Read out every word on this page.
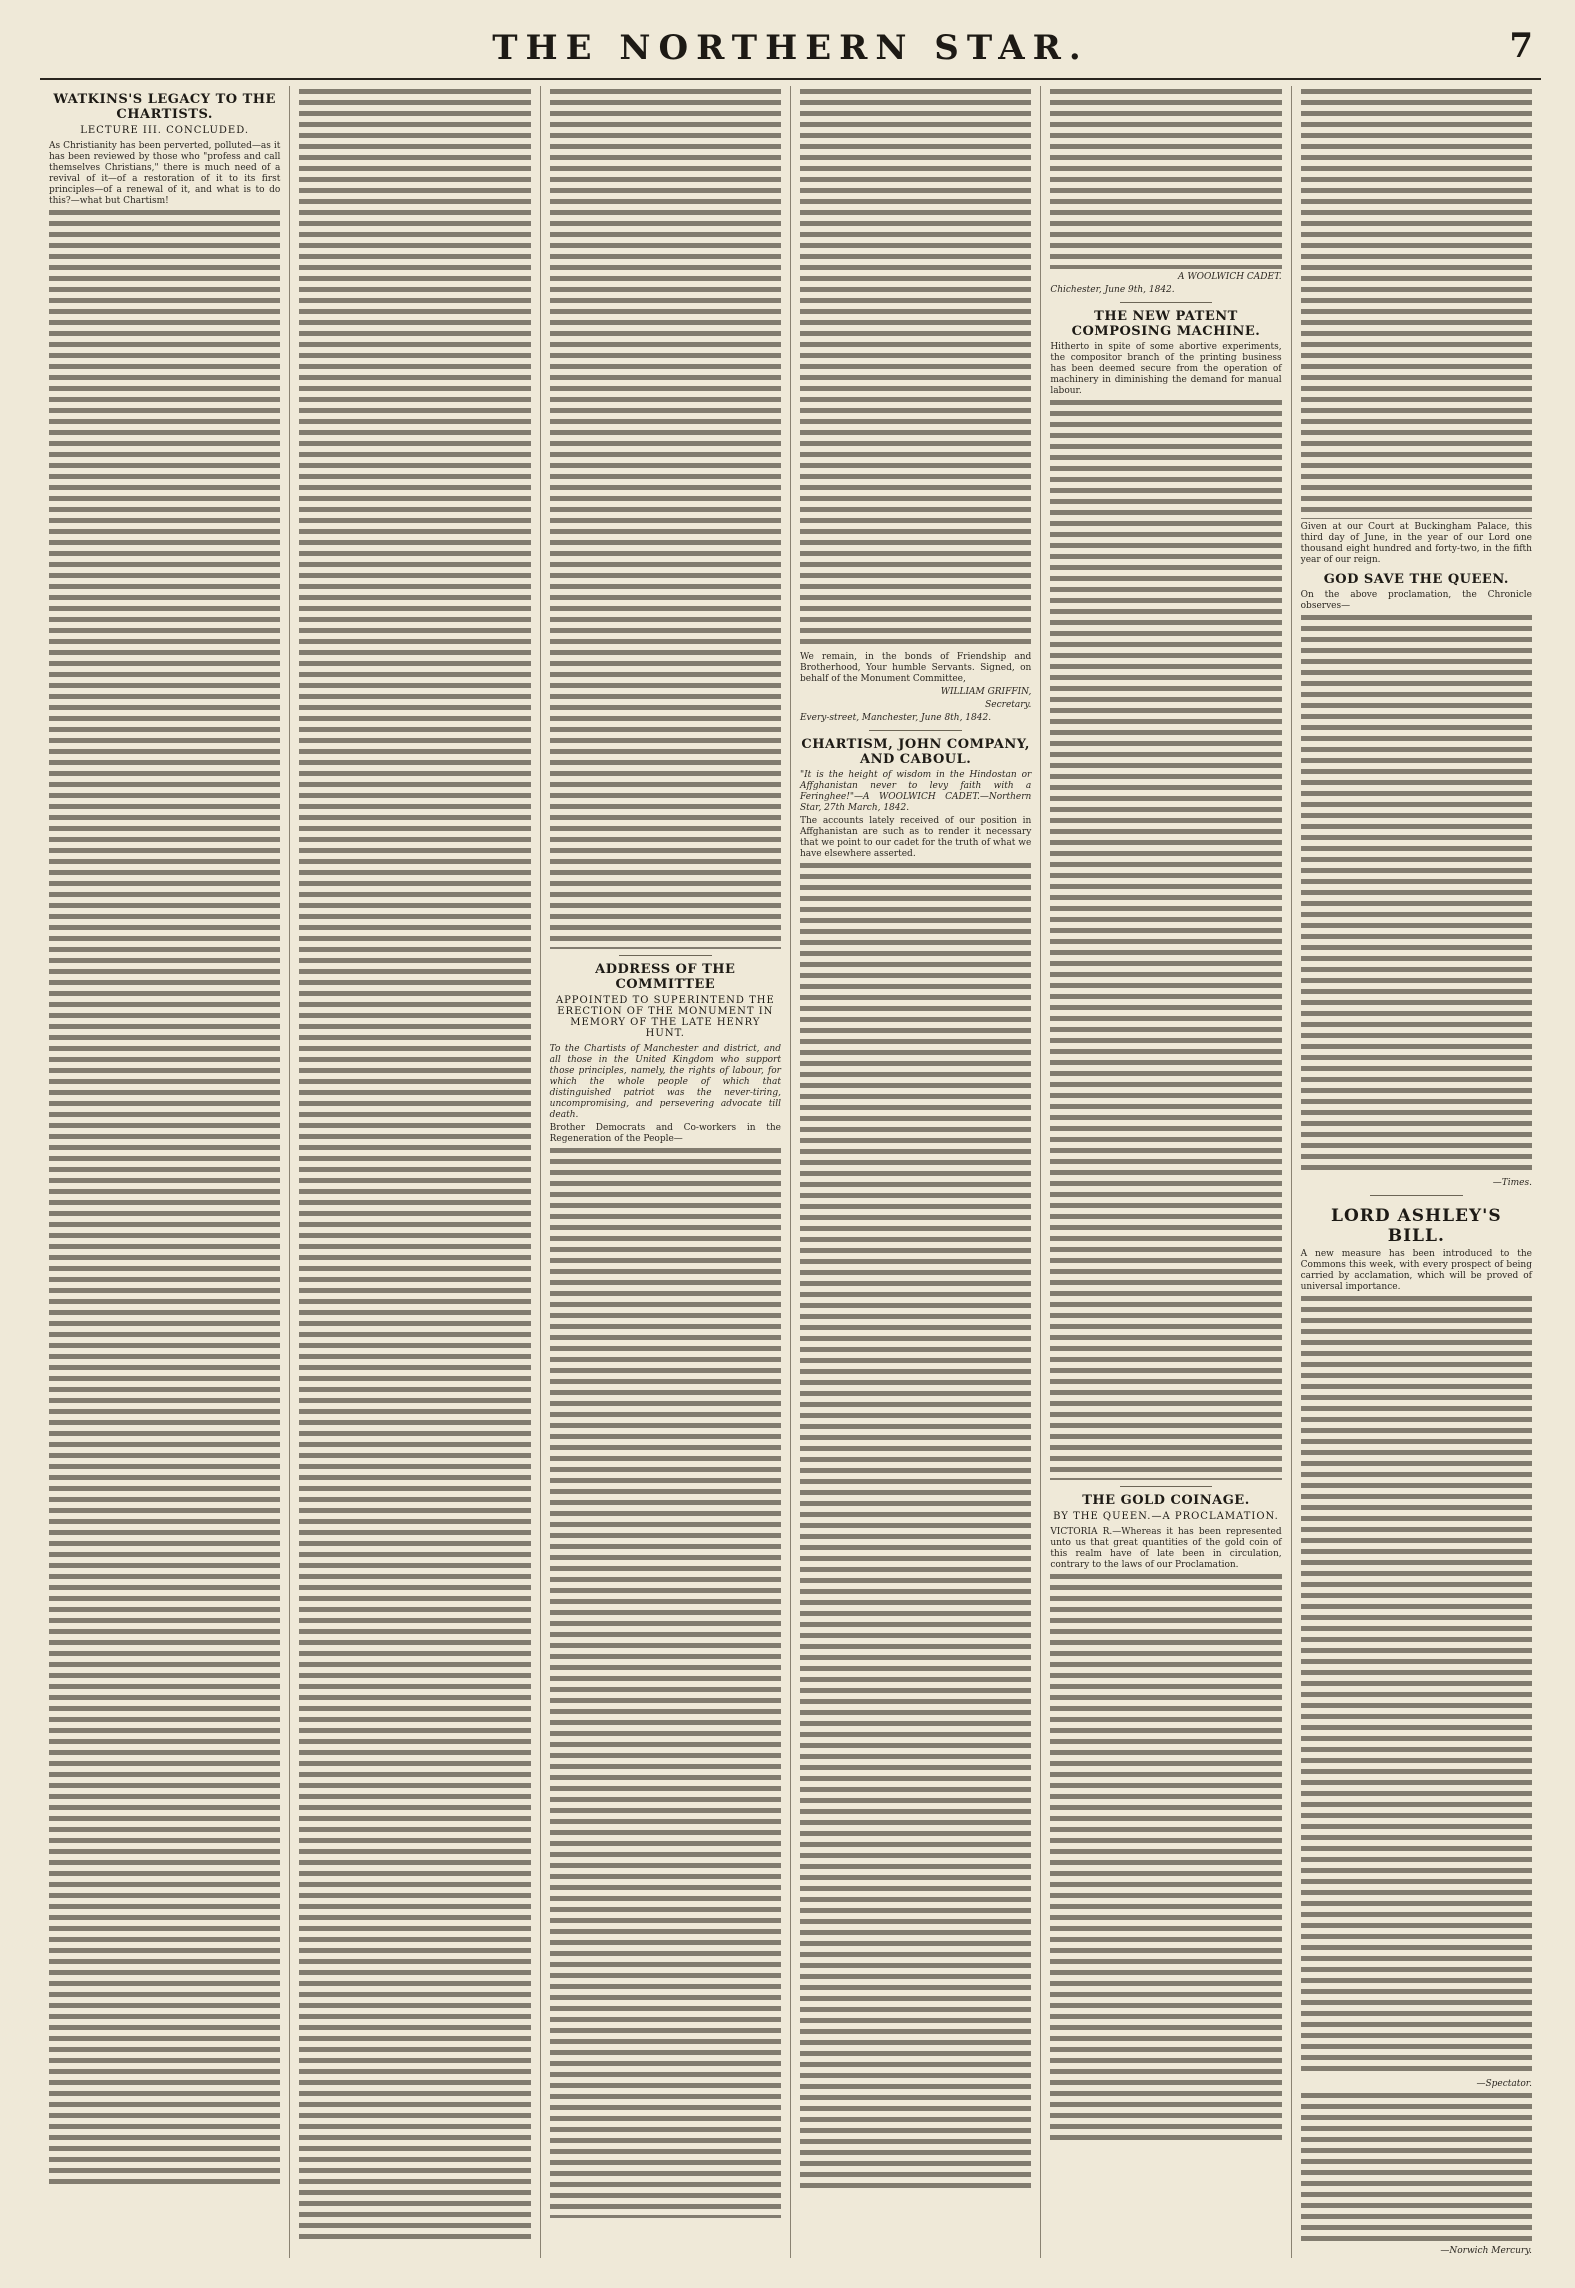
THE NORTHERN STAR.	7
WATKINS'S LEGACY TO THE CHARTISTS.
LECTURE III. CONCLUDED.
As Christianity has been perverted, polluted—as it has been reviewed by those who "profess and call themselves Christians," there is much need of a revival of it—of a restoration of it to its first principles—of a renewal of it, and what is to do this?—what but Chartism!
ADDRESS OF THE COMMITTEE
APPOINTED TO SUPERINTEND THE ERECTION OF THE MONUMENT IN MEMORY OF THE LATE HENRY HUNT.
To the Chartists of Manchester and district, and all those in the United Kingdom who support those principles, namely, the rights of labour, for which the whole people of which that distinguished patriot was the never-tiring, uncompromising, and persevering advocate till death.
Brother Democrats and Co-workers in the Regeneration of the People—
We remain, in the bonds of Friendship and Brotherhood, Your humble Servants. Signed, on behalf of the Monument Committee,
WILLIAM GRIFFIN,
Secretary.
Every-street, Manchester, June 8th, 1842.
CHARTISM, JOHN COMPANY, AND CABOUL.
"It is the height of wisdom in the Hindostan or Affghanistan never to levy faith with a Feringhee!"—A WOOLWICH CADET.—Northern Star, 27th March, 1842.
The accounts lately received of our position in Affghanistan are such as to render it necessary that we point to our cadet for the truth of what we have elsewhere asserted.
A WOOLWICH CADET.
Chichester, June 9th, 1842.
THE NEW PATENT COMPOSING MACHINE.
Hitherto in spite of some abortive experiments, the compositor branch of the printing business has been deemed secure from the operation of machinery in diminishing the demand for manual labour.
THE GOLD COINAGE.
BY THE QUEEN.—A PROCLAMATION.
VICTORIA R.—Whereas it has been represented unto us that great quantities of the gold coin of this realm have of late been in circulation, contrary to the laws of our Proclamation.
Given at our Court at Buckingham Palace, this third day of June, in the year of our Lord one thousand eight hundred and forty-two, in the fifth year of our reign.
GOD SAVE THE QUEEN.
On the above proclamation, the Chronicle observes—
—Times.
LORD ASHLEY'S BILL.
A new measure has been introduced to the Commons this week, with every prospect of being carried by acclamation, which will be proved of universal importance.
—Spectator.
—Norwich Mercury.
